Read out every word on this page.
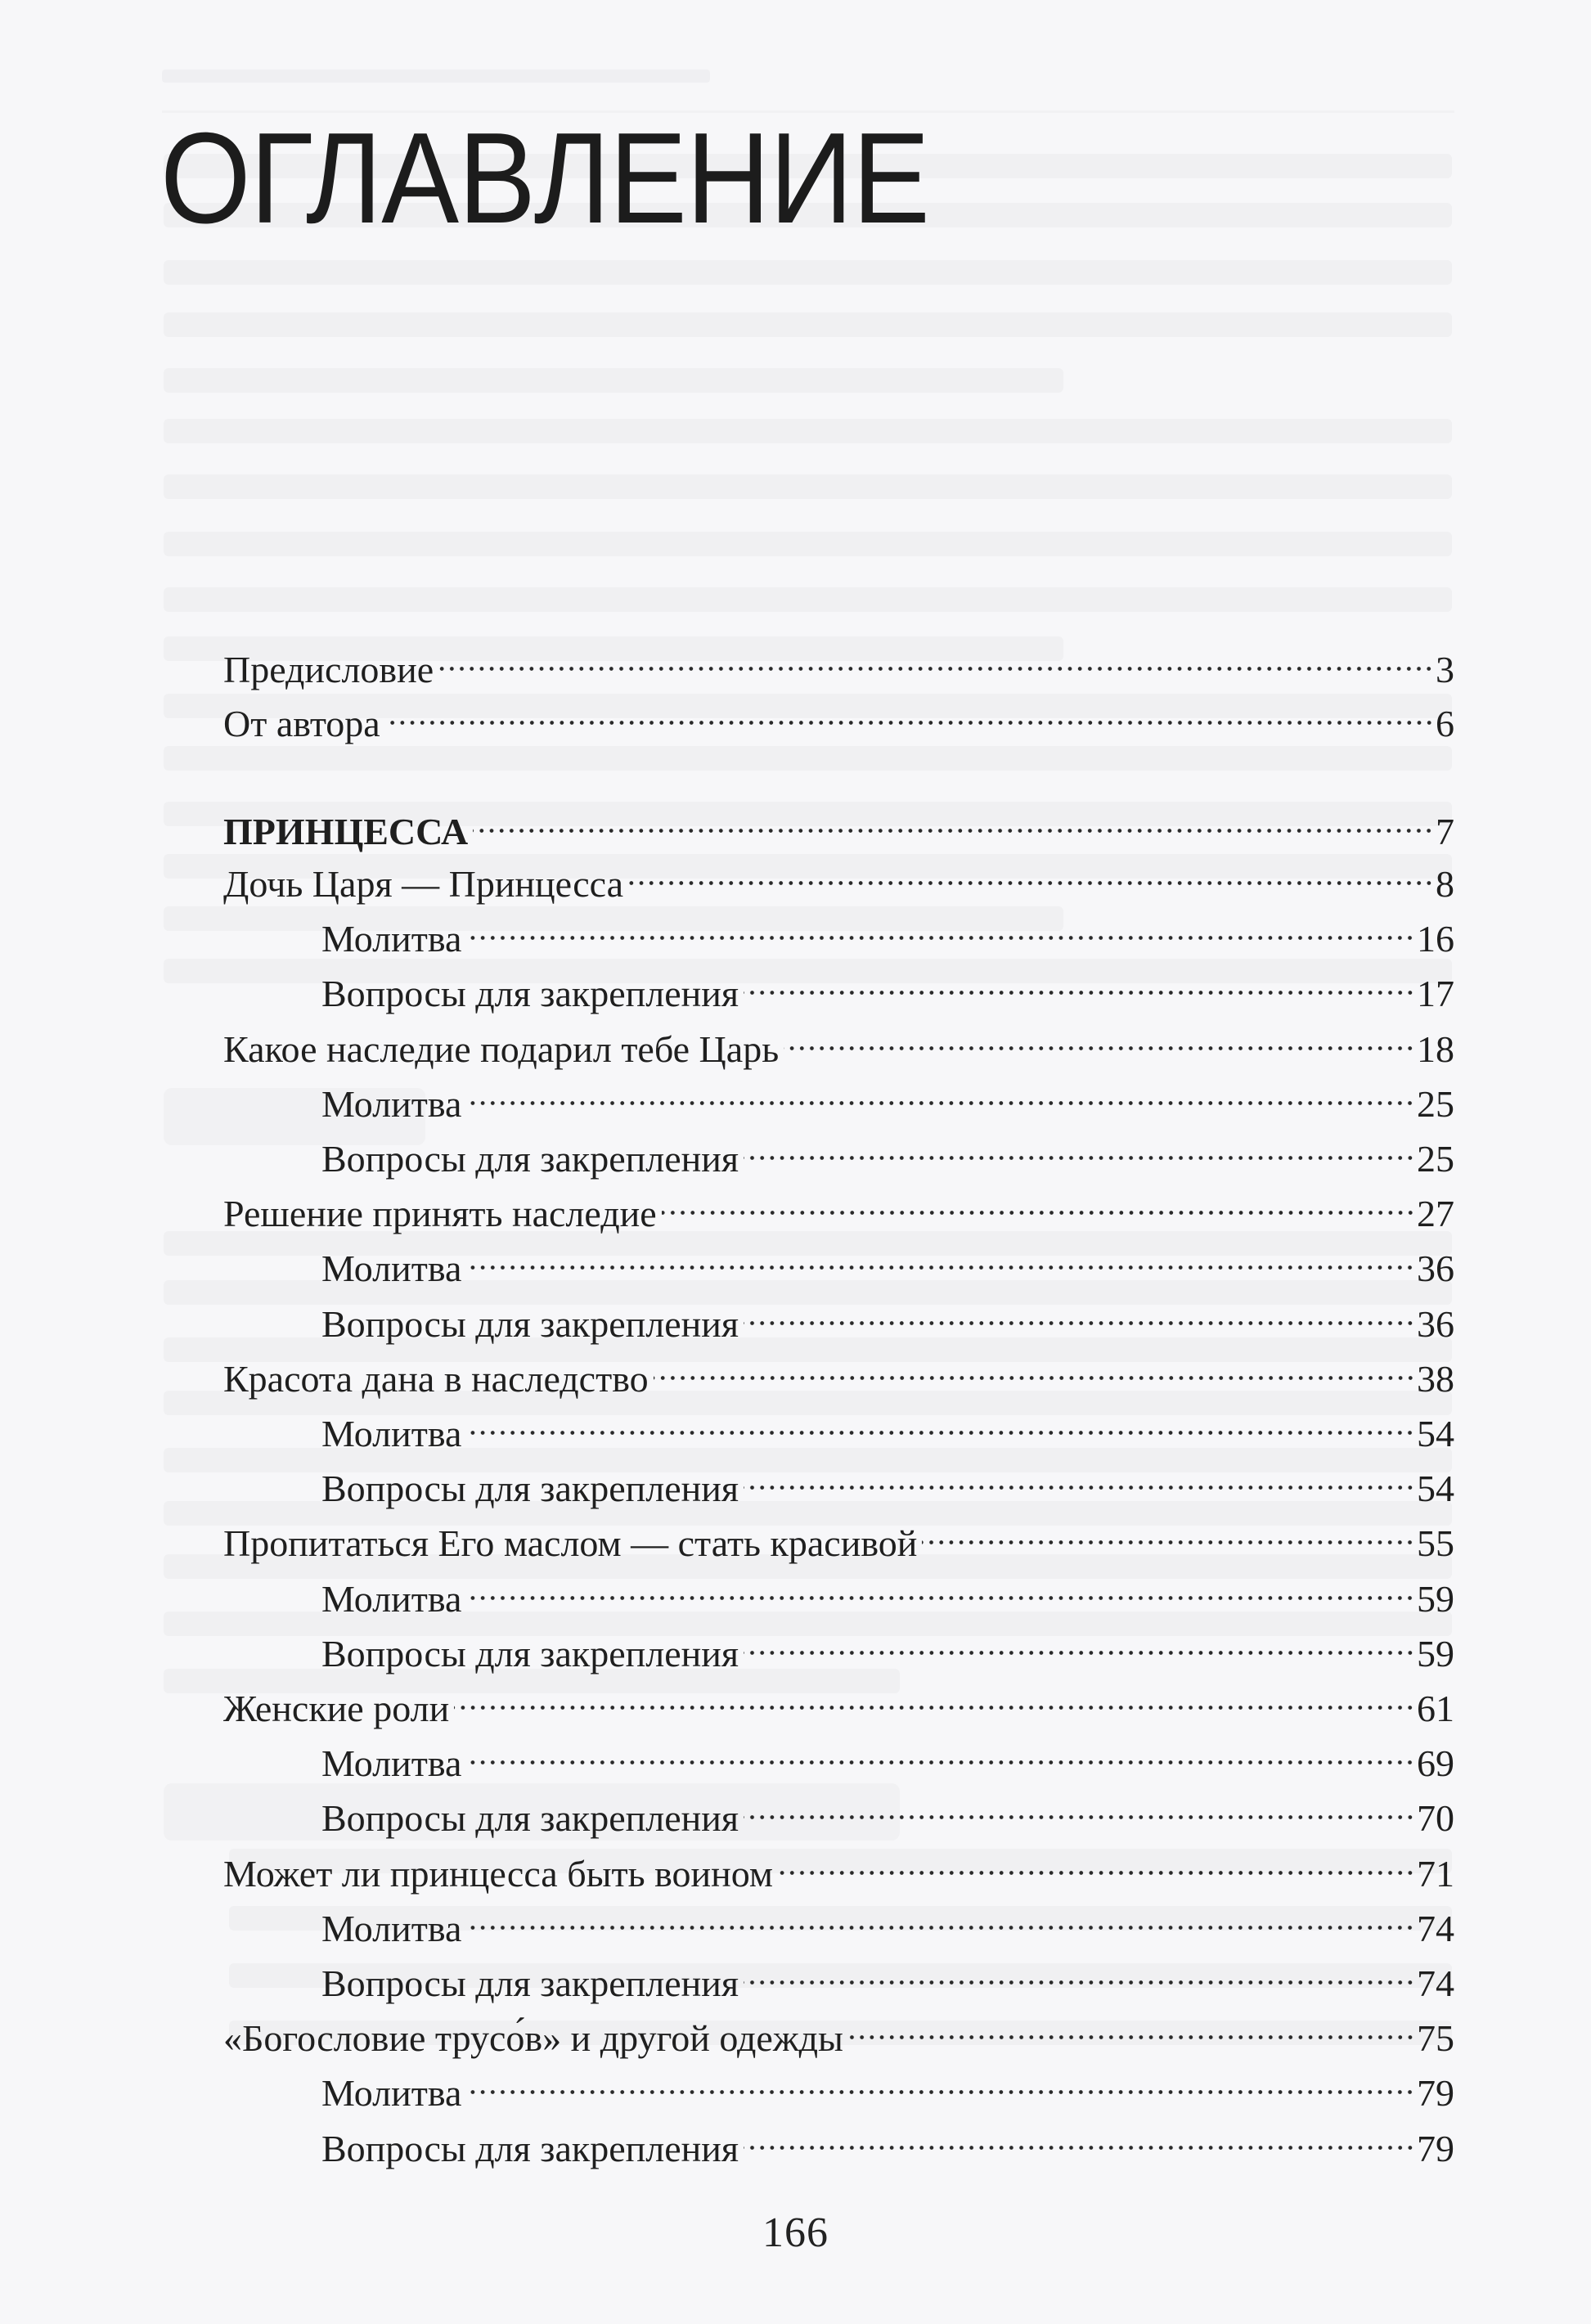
ОГЛАВЛЕНИЕ
Предисловие	3
От автора	6
ПРИНЦЕССА	7
Дочь Царя — Принцесса	8
Молитва	16
Вопросы для закрепления	17
Какое наследие подарил тебе Царь	18
Молитва	25
Вопросы для закрепления	25
Решение принять наследие	27
Молитва	36
Вопросы для закрепления	36
Красота дана в наследство	38
Молитва	54
Вопросы для закрепления	54
Пропитаться Его маслом — стать красивой	55
Молитва	59
Вопросы для закрепления	59
Женские роли	61
Молитва	69
Вопросы для закрепления	70
Может ли принцесса быть воином	71
Молитва	74
Вопросы для закрепления	74
«Богословие трусо́в» и другой одежды	75
Молитва	79
Вопросы для закрепления	79
166
